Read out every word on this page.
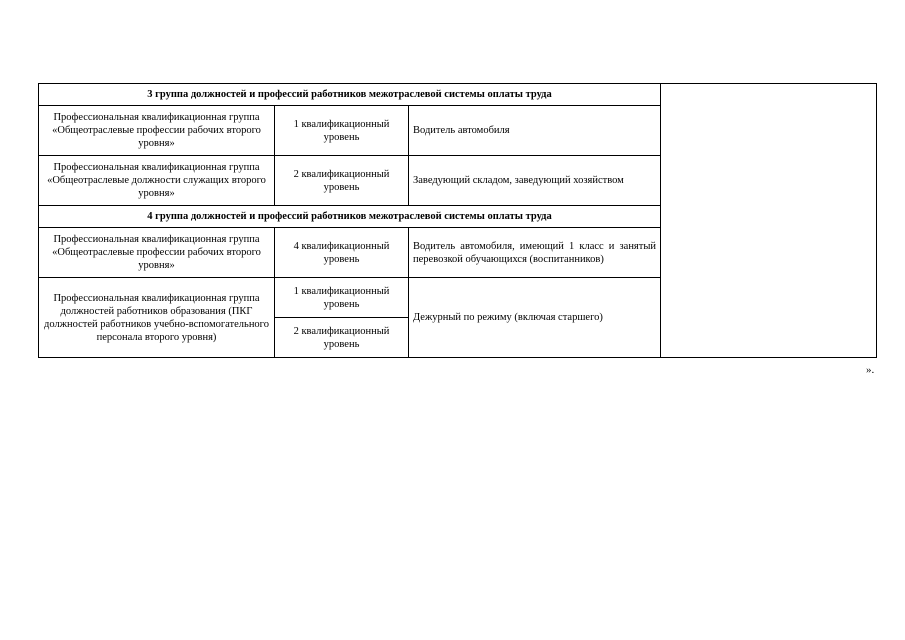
3 группа должностей и профессий работников межотраслевой системы оплаты труда			
Профессиональная квалификационная группа «Общеотраслевые профессии рабочих второго уровня»	1 квалификационный уровень	Водитель автомобиля	
Профессиональная квалификационная группа «Общеотраслевые должности служащих второго уровня»	2 квалификационный уровень	Заведующий складом, заведующий хозяйством	
4 группа должностей и профессий работников межотраслевой системы оплаты труда			
Профессиональная квалификационная группа «Общеотраслевые профессии рабочих второго уровня»	4 квалификационный уровень	Водитель автомобиля, имеющий 1 класс и занятый перевозкой обучающихся (воспитанников)	
Профессиональная квалификационная группа должностей работников образования (ПКГ должностей работников учебно-вспомогательного персонала второго уровня)	1 квалификационный уровень	Дежурный по режиму (включая старшего)	
	2 квалификационный уровень		
».
